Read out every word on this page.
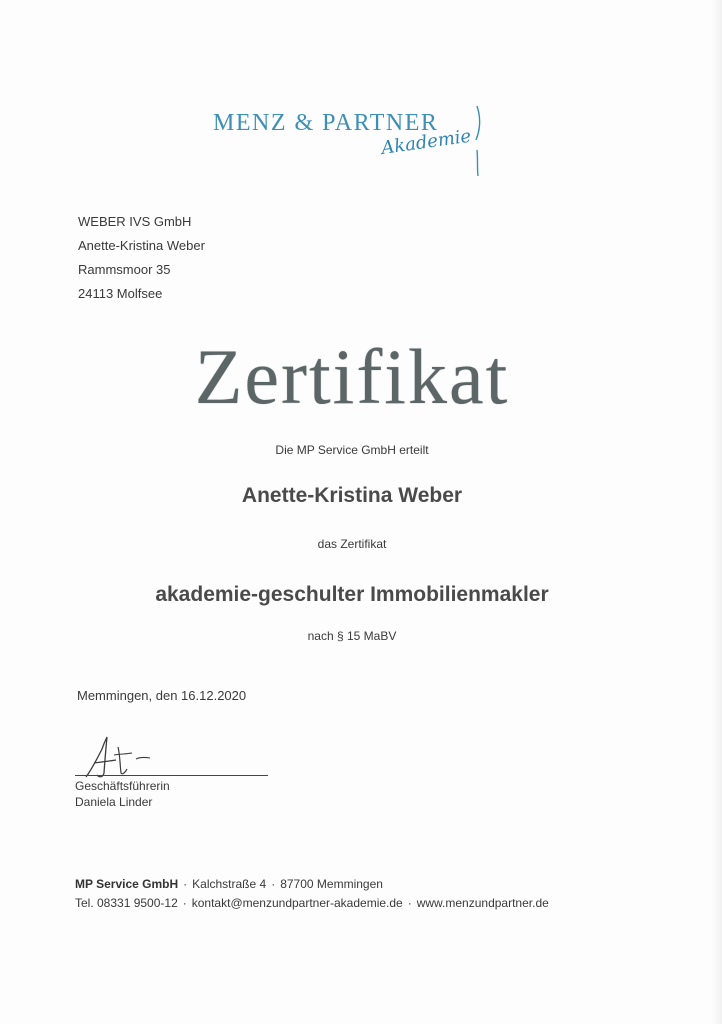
MENZ & PARTNER
Akademie
WEBER IVS GmbH
Anette-Kristina Weber
Rammsmoor 35
24113 Molfsee
Zertifikat
Die MP Service GmbH erteilt
Anette-Kristina Weber
das Zertifikat
akademie-geschulter Immobilienmakler
nach § 15 MaBV
Memmingen, den 16.12.2020
Geschäftsführerin
Daniela Linder
MP Service GmbH · Kalchstraße 4 · 87700 Memmingen
Tel. 08331 9500-12 · kontakt@menzundpartner-akademie.de · www.menzundpartner.de
